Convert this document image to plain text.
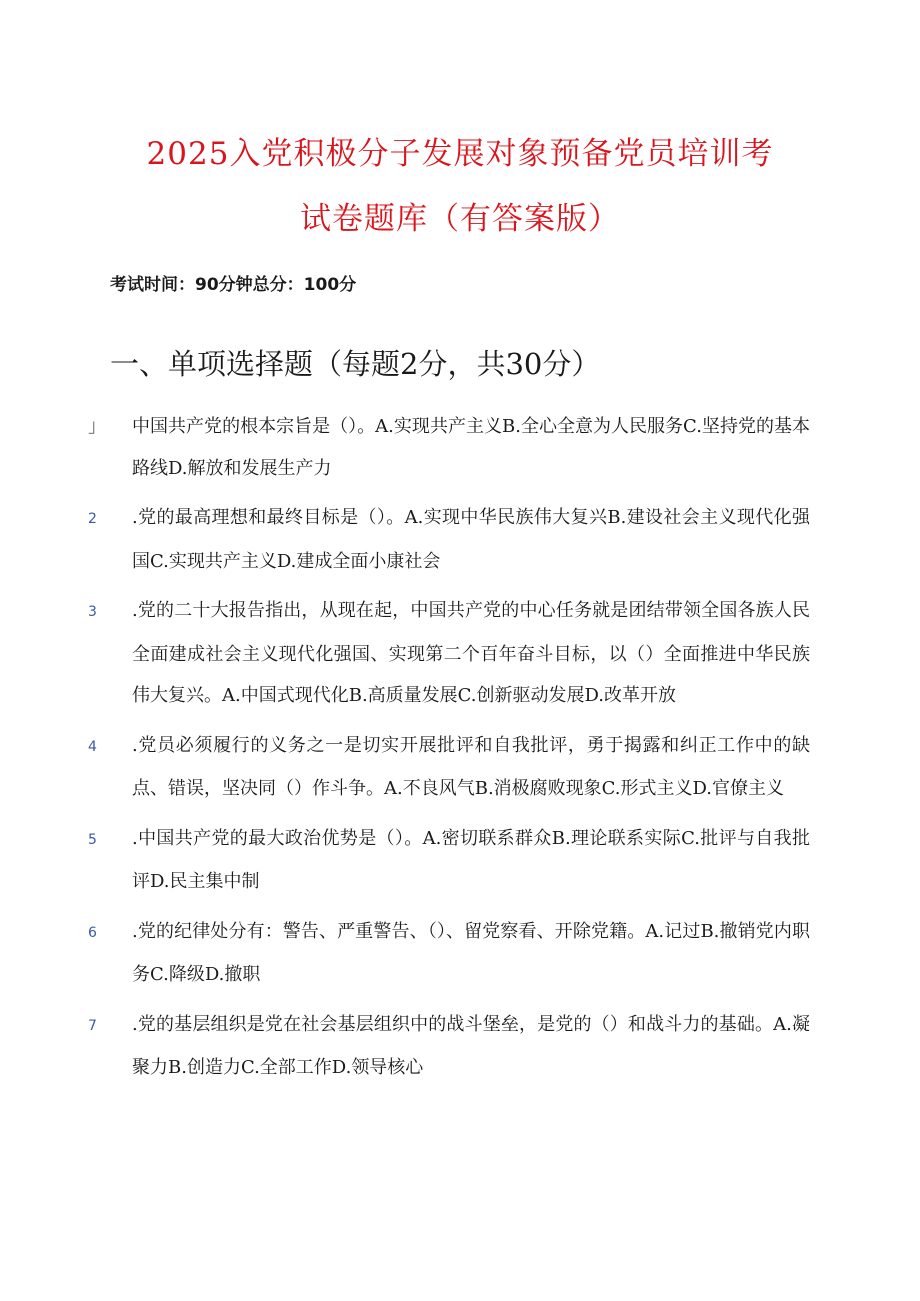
2025入党积极分子发展对象预备党员培训考
试卷题库（有答案版）
考试时间：90分钟总分：100分
一、单项选择题（每题2分，共30分）
」 中国共产党的根本宗旨是（）。A.实现共产主义B.全心全意为人民服务C.坚持党的基本路线D.解放和发展生产力
2 .党的最高理想和最终目标是（）。A.实现中华民族伟大复兴B.建设社会主义现代化强国C.实现共产主义D.建成全面小康社会
3 .党的二十大报告指出，从现在起，中国共产党的中心任务就是团结带领全国各族人民全面建成社会主义现代化强国、实现第二个百年奋斗目标，以（）全面推进中华民族伟大复兴。A.中国式现代化B.高质量发展C.创新驱动发展D.改革开放
4 .党员必须履行的义务之一是切实开展批评和自我批评，勇于揭露和纠正工作中的缺点、错误，坚决同（）作斗争。A.不良风气B.消极腐败现象C.形式主义D.官僚主义
5 .中国共产党的最大政治优势是（）。A.密切联系群众B.理论联系实际C.批评与自我批评D.民主集中制
6 .党的纪律处分有：警告、严重警告、（）、留党察看、开除党籍。A.记过B.撤销党内职务C.降级D.撤职
7 .党的基层组织是党在社会基层组织中的战斗堡垒，是党的（）和战斗力的基础。A.凝聚力B.创造力C.全部工作D.领导核心
